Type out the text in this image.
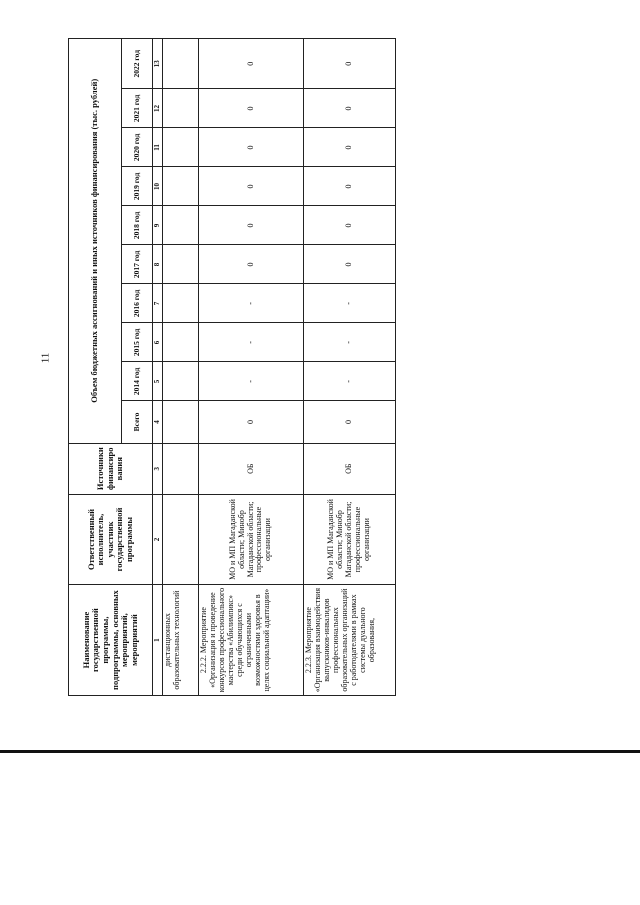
11
Наименование государственной программы, подпрограммы, основных мероприятий, мероприятий	Ответственный исполнитель, участник государственной программы	Источники финансиро вания	Объем бюджетных ассигнований и иных источников финансирования (тыс. рублей)									
			Всего	2014 год	2015 год	2016 год	2017 год	2018 год	2019 год	2020 год	2021 год	2022 год
1	2	3	4	5	6	7	8	9	10	11	12	13
дистанционных образовательных технологий												
2.2.2. Мероприятие «Организация и проведение конкурсов профессионального мастерства «Абилимпикс» среди обучающихся с ограниченными возможностями здоровья в целях социальной адаптации»	МО и МП Магаданской области; Минобр Магаданской области; профессиональные организации	ОБ	0	-	-	-	0	0	0	0	0	0
2.2.3. Мероприятие «Организация взаимодействия выпускников-инвалидов профессиональных образовательных организаций с работодателями в рамках системы дуального образования,	МО и МП Магаданской области; Минобр Магаданской области; профессиональные организации	ОБ	0	-	-	-	0	0	0	0	0	0
